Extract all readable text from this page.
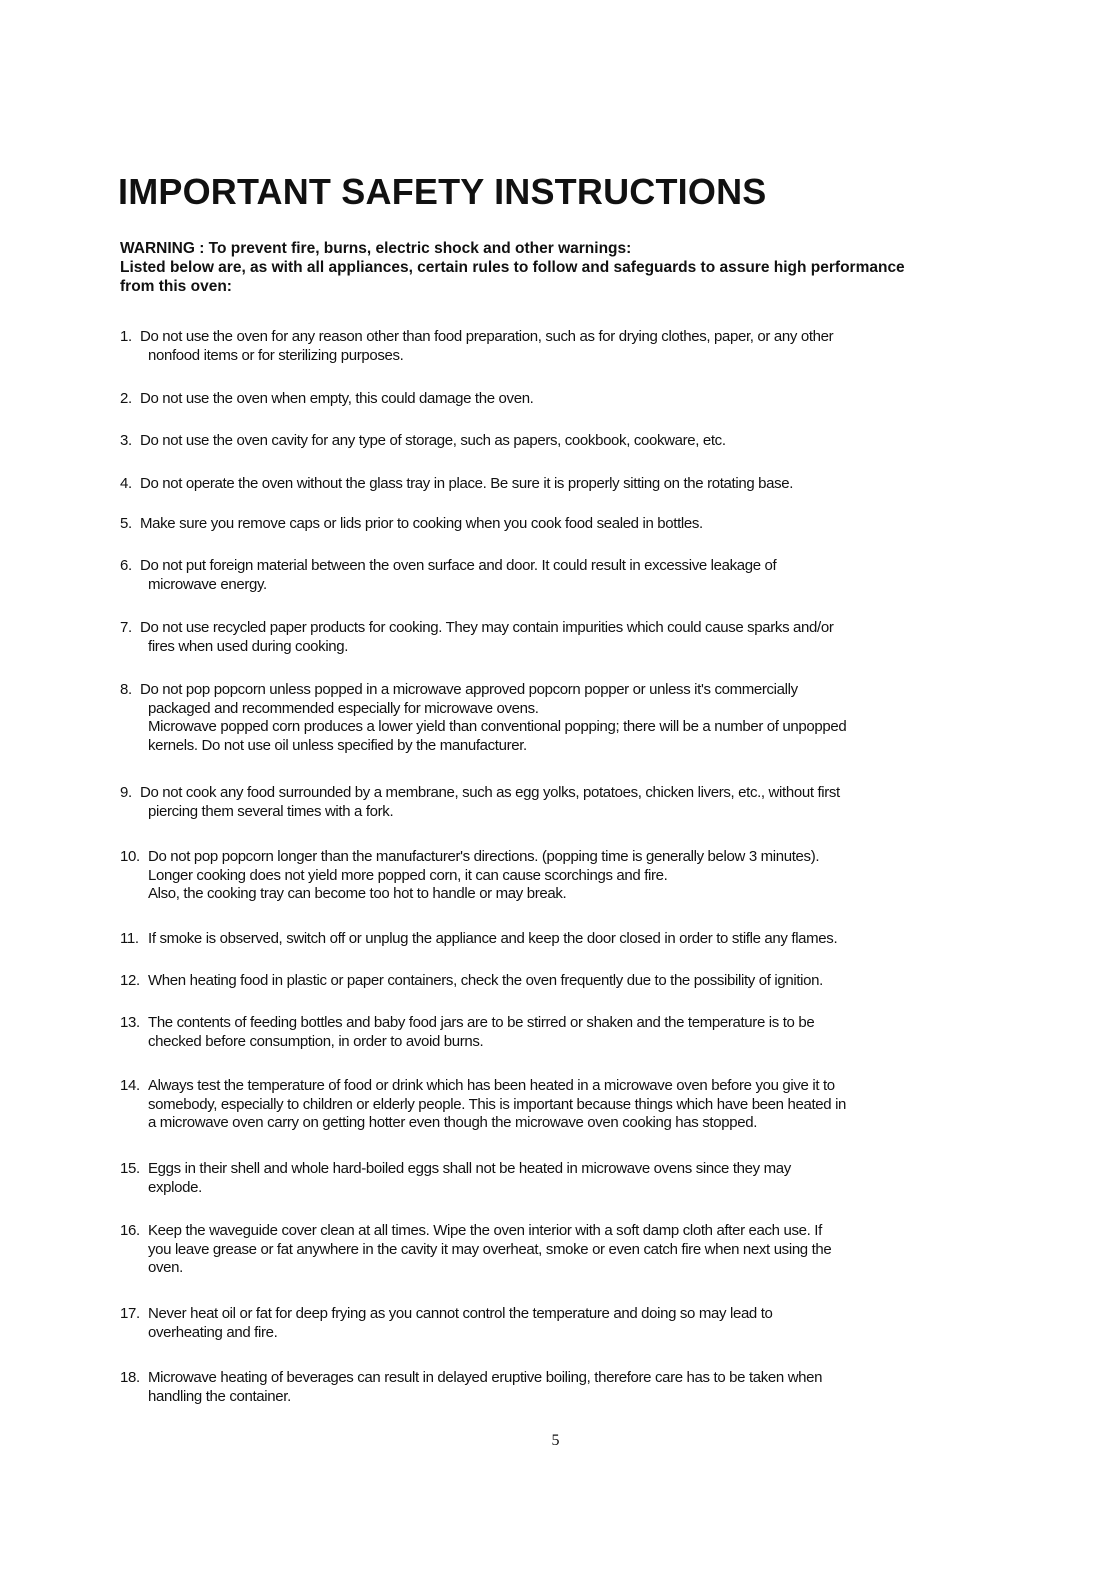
IMPORTANT SAFETY INSTRUCTIONS
WARNING : To prevent fire, burns, electric shock and other warnings:
Listed below are, as with all appliances, certain rules to follow and safeguards to assure high performance
from this oven:
1. Do not use the oven for any reason other than food preparation, such as for drying clothes, paper, or any other
nonfood items or for sterilizing purposes.
2. Do not use the oven when empty, this could damage the oven.
3. Do not use the oven cavity for any type of storage, such as papers, cookbook, cookware, etc.
4. Do not operate the oven without the glass tray in place. Be sure it is properly sitting on the rotating base.
5. Make sure you remove caps or lids prior to cooking when you cook food sealed in bottles.
6. Do not put foreign material between the oven surface and door. It could result in excessive leakage of
microwave energy.
7. Do not use recycled paper products for cooking. They may contain impurities which could cause sparks and/or
fires when used during cooking.
8. Do not pop popcorn unless popped in a microwave approved popcorn popper or unless it's commercially
packaged and recommended especially for microwave ovens.
Microwave popped corn produces a lower yield than conventional popping; there will be a number of unpopped
kernels. Do not use oil unless specified by the manufacturer.
9. Do not cook any food surrounded by a membrane, such as egg yolks, potatoes, chicken livers, etc., without first
piercing them several times with a fork.
10. Do not pop popcorn longer than the manufacturer's directions. (popping time is generally below 3 minutes).
Longer cooking does not yield more popped corn, it can cause scorchings and fire.
Also, the cooking tray can become too hot to handle or may break.
11. If smoke is observed, switch off or unplug the appliance and keep the door closed in order to stifle any flames.
12. When heating food in plastic or paper containers, check the oven frequently due to the possibility of ignition.
13. The contents of feeding bottles and baby food jars are to be stirred or shaken and the temperature is to be
checked before consumption, in order to avoid burns.
14. Always test the temperature of food or drink which has been heated in a microwave oven before you give it to
somebody, especially to children or elderly people. This is important because things which have been heated in
a microwave oven carry on getting hotter even though the microwave oven cooking has stopped.
15. Eggs in their shell and whole hard-boiled eggs shall not be heated in microwave ovens since they may
explode.
16. Keep the waveguide cover clean at all times. Wipe the oven interior with a soft damp cloth after each use. If
you leave grease or fat anywhere in the cavity it may overheat, smoke or even catch fire when next using the
oven.
17. Never heat oil or fat for deep frying as you cannot control the temperature and doing so may lead to
overheating and fire.
18. Microwave heating of beverages can result in delayed eruptive boiling, therefore care has to be taken when
handling the container.
5
